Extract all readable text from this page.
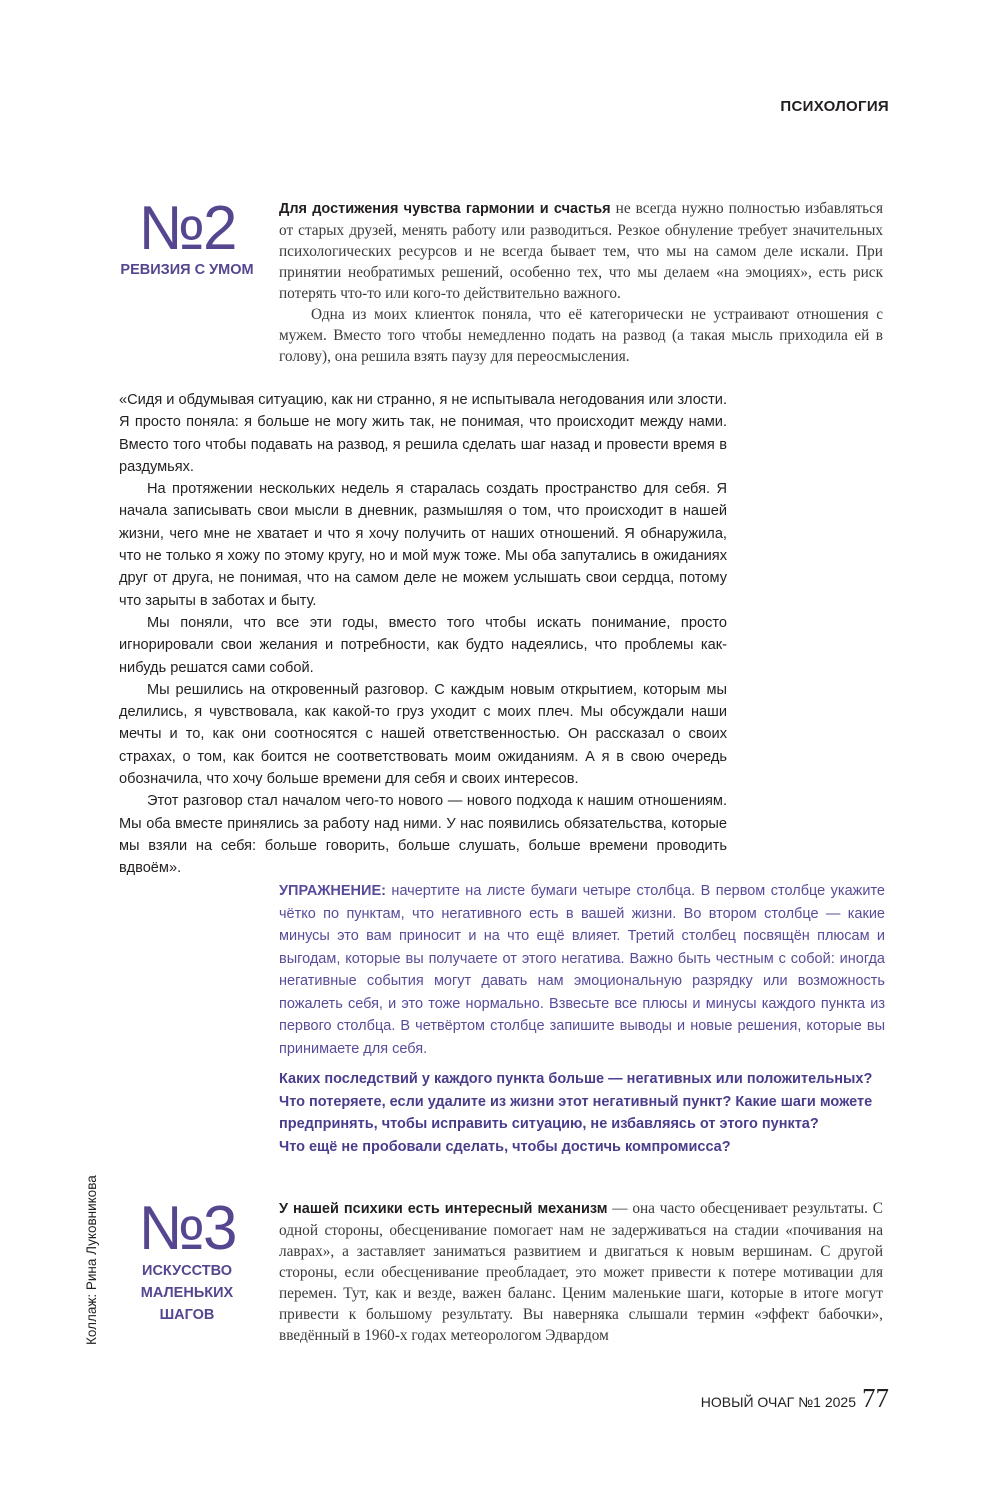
ПСИХОЛОГИЯ
№2
РЕВИЗИЯ С УМОМ

Для достижения чувства гармонии и счастья не всегда нужно полностью избавляться от старых друзей, менять работу или разводиться. Резкое обнуление требует значительных психологических ресурсов и не всегда бывает тем, что мы на самом деле искали. При принятии необратимых решений, особенно тех, что мы делаем «на эмоциях», есть риск потерять что-то или кого-то действительно важного.

Одна из моих клиенток поняла, что её категорически не устраивают отношения с мужем. Вместо того чтобы немедленно подать на развод (а такая мысль приходила ей в голову), она решила взять паузу для переосмысления.

«Сидя и обдумывая ситуацию, как ни странно, я не испытывала негодования или злости. Я просто поняла: я больше не могу жить так, не понимая, что происходит между нами. Вместо того чтобы подавать на развод, я решила сделать шаг назад и провести время в раздумьях.

На протяжении нескольких недель я старалась создать пространство для себя. Я начала записывать свои мысли в дневник, размышляя о том, что происходит в нашей жизни, чего мне не хватает и что я хочу получить от наших отношений. Я обнаружила, что не только я хожу по этому кругу, но и мой муж тоже. Мы оба запутались в ожиданиях друг от друга, не понимая, что на самом деле не можем услышать свои сердца, потому что зарыты в заботах и быту.

Мы поняли, что все эти годы, вместо того чтобы искать понимание, просто игнорировали свои желания и потребности, как будто надеялись, что проблемы как-нибудь решатся сами собой.

Мы решились на откровенный разговор. С каждым новым открытием, которым мы делились, я чувствовала, как какой-то груз уходит с моих плеч. Мы обсуждали наши мечты и то, как они соотносятся с нашей ответственностью. Он рассказал о своих страхах, о том, как боится не соответствовать моим ожиданиям. А я в свою очередь обозначила, что хочу больше времени для себя и своих интересов.

Этот разговор стал началом чего-то нового — нового подхода к нашим отношениям. Мы оба вместе принялись за работу над ними. У нас появились обязательства, которые мы взяли на себя: больше говорить, больше слушать, больше времени проводить вдвоём».

УПРАЖНЕНИЕ: начертите на листе бумаги четыре столбца. В первом столбце укажите чётко по пунктам, что негативного есть в вашей жизни. Во втором столбце — какие минусы это вам приносит и на что ещё влияет. Третий столбец посвящён плюсам и выгодам, которые вы получаете от этого негатива. Важно быть честным с собой: иногда негативные события могут давать нам эмоциональную разрядку или возможность пожалеть себя, и это тоже нормально. Взвесьте все плюсы и минусы каждого пункта из первого столбца. В четвёртом столбце запишите выводы и новые решения, которые вы принимаете для себя.

Каких последствий у каждого пункта больше — негативных или положительных?
Что потеряете, если удалите из жизни этот негативный пункт? Какие шаги можете
предпринять, чтобы исправить ситуацию, не избавляясь от этого пункта?
Что ещё не пробовали сделать, чтобы достичь компромисса?
Коллаж: Рина Луковникова №3
ИСКУССТВО
МАЛЕНЬКИХ
ШАГОВ

У нашей психики есть интересный механизм — она часто обесценивает результаты. С одной стороны, обесценивание помогает нам не задерживаться на стадии «почивания на лаврах», а заставляет заниматься развитием и двигаться к новым вершинам. С другой стороны, если обесценивание преобладает, это может привести к потере мотивации для перемен. Тут, как и везде, важен баланс. Ценим маленькие шаги, которые в итоге могут привести к большому результату. Вы наверняка слышали термин «эффект бабочки», введённый в 1960-х годах метеорологом Эдвардом

НОВЫЙ ОЧАГ №1 2025 77
